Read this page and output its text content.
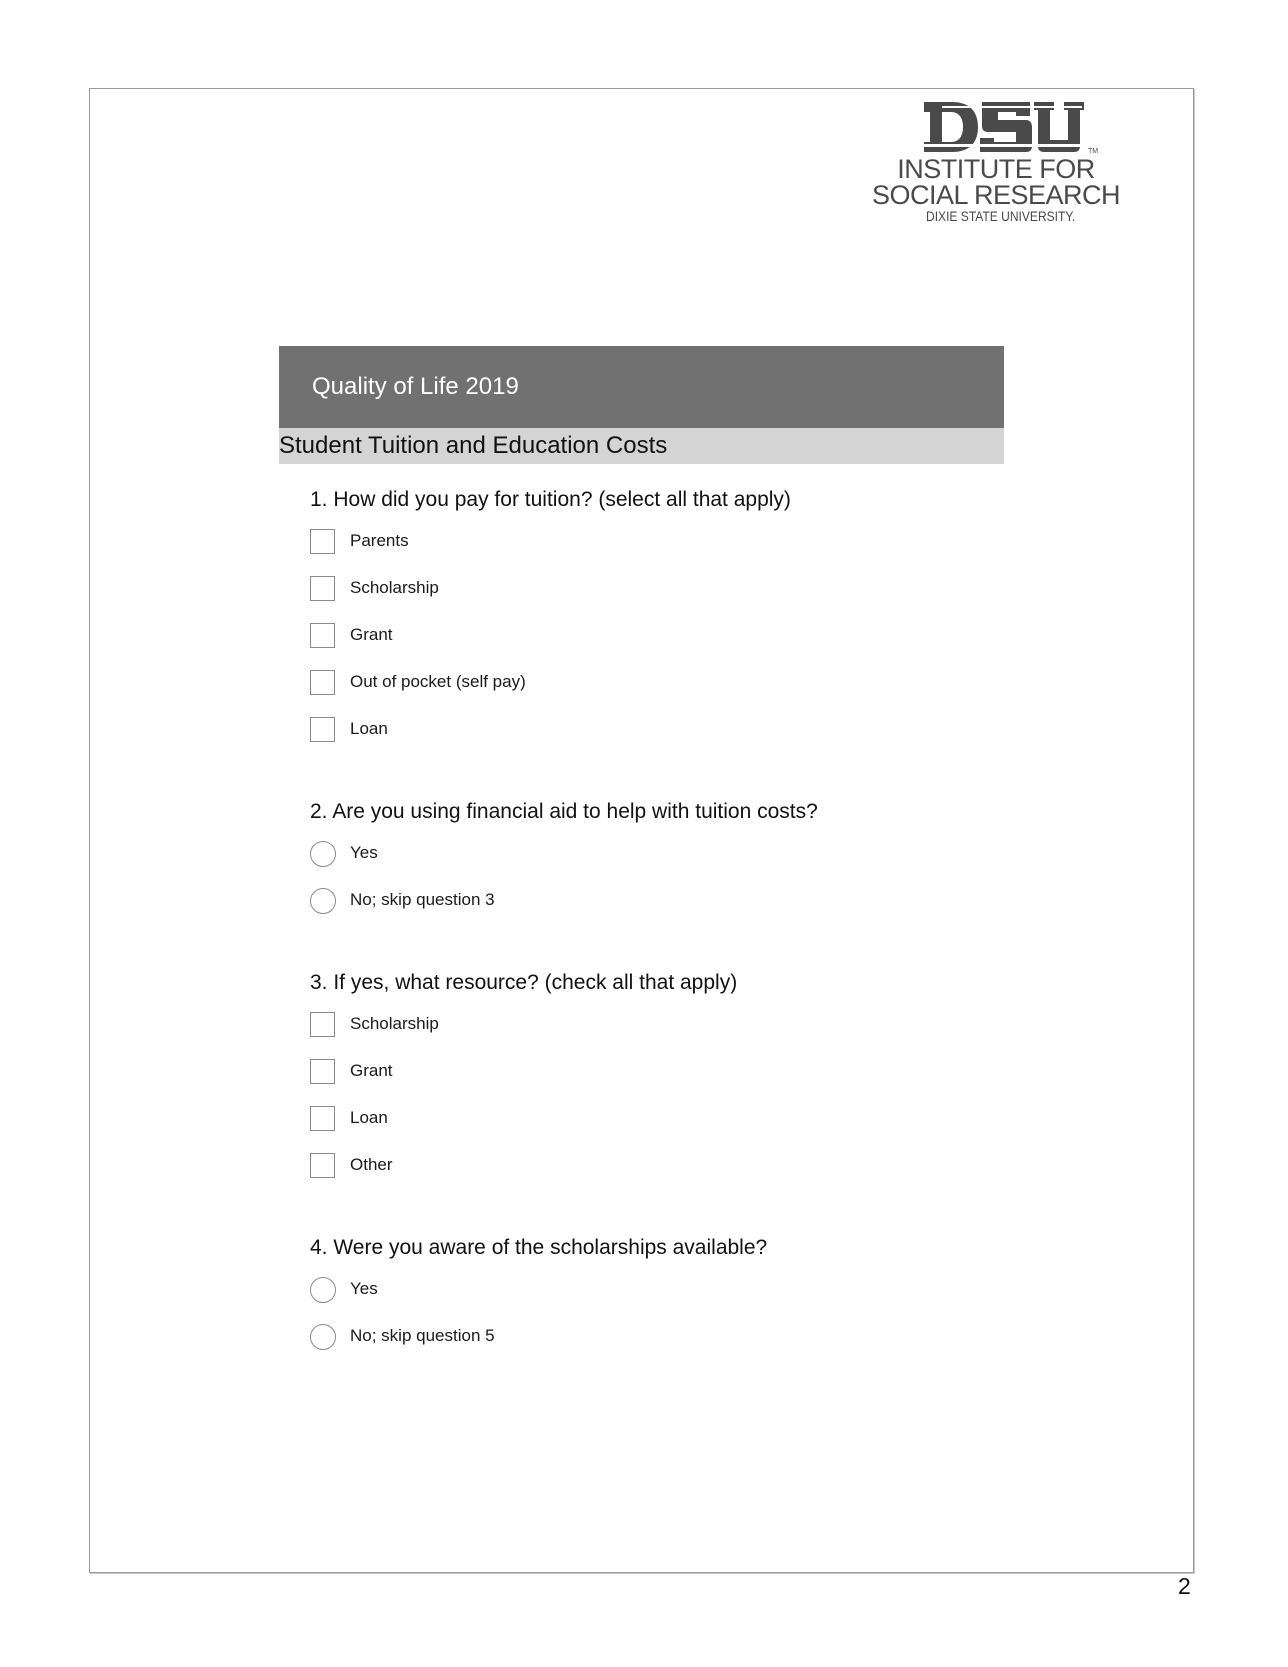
TM
INSTITUTE FOR
SOCIAL RESEARCH
DIXIE STATE UNIVERSITY.
Quality of Life 2019
Student Tuition and Education Costs
1. How did you pay for tuition? (select all that apply)
Parents
Scholarship
Grant
Out of pocket (self pay)
Loan
2. Are you using financial aid to help with tuition costs?
Yes
No; skip question 3
3. If yes, what resource? (check all that apply)
Scholarship
Grant
Loan
Other
4. Were you aware of the scholarships available?
Yes
No; skip question 5
2
